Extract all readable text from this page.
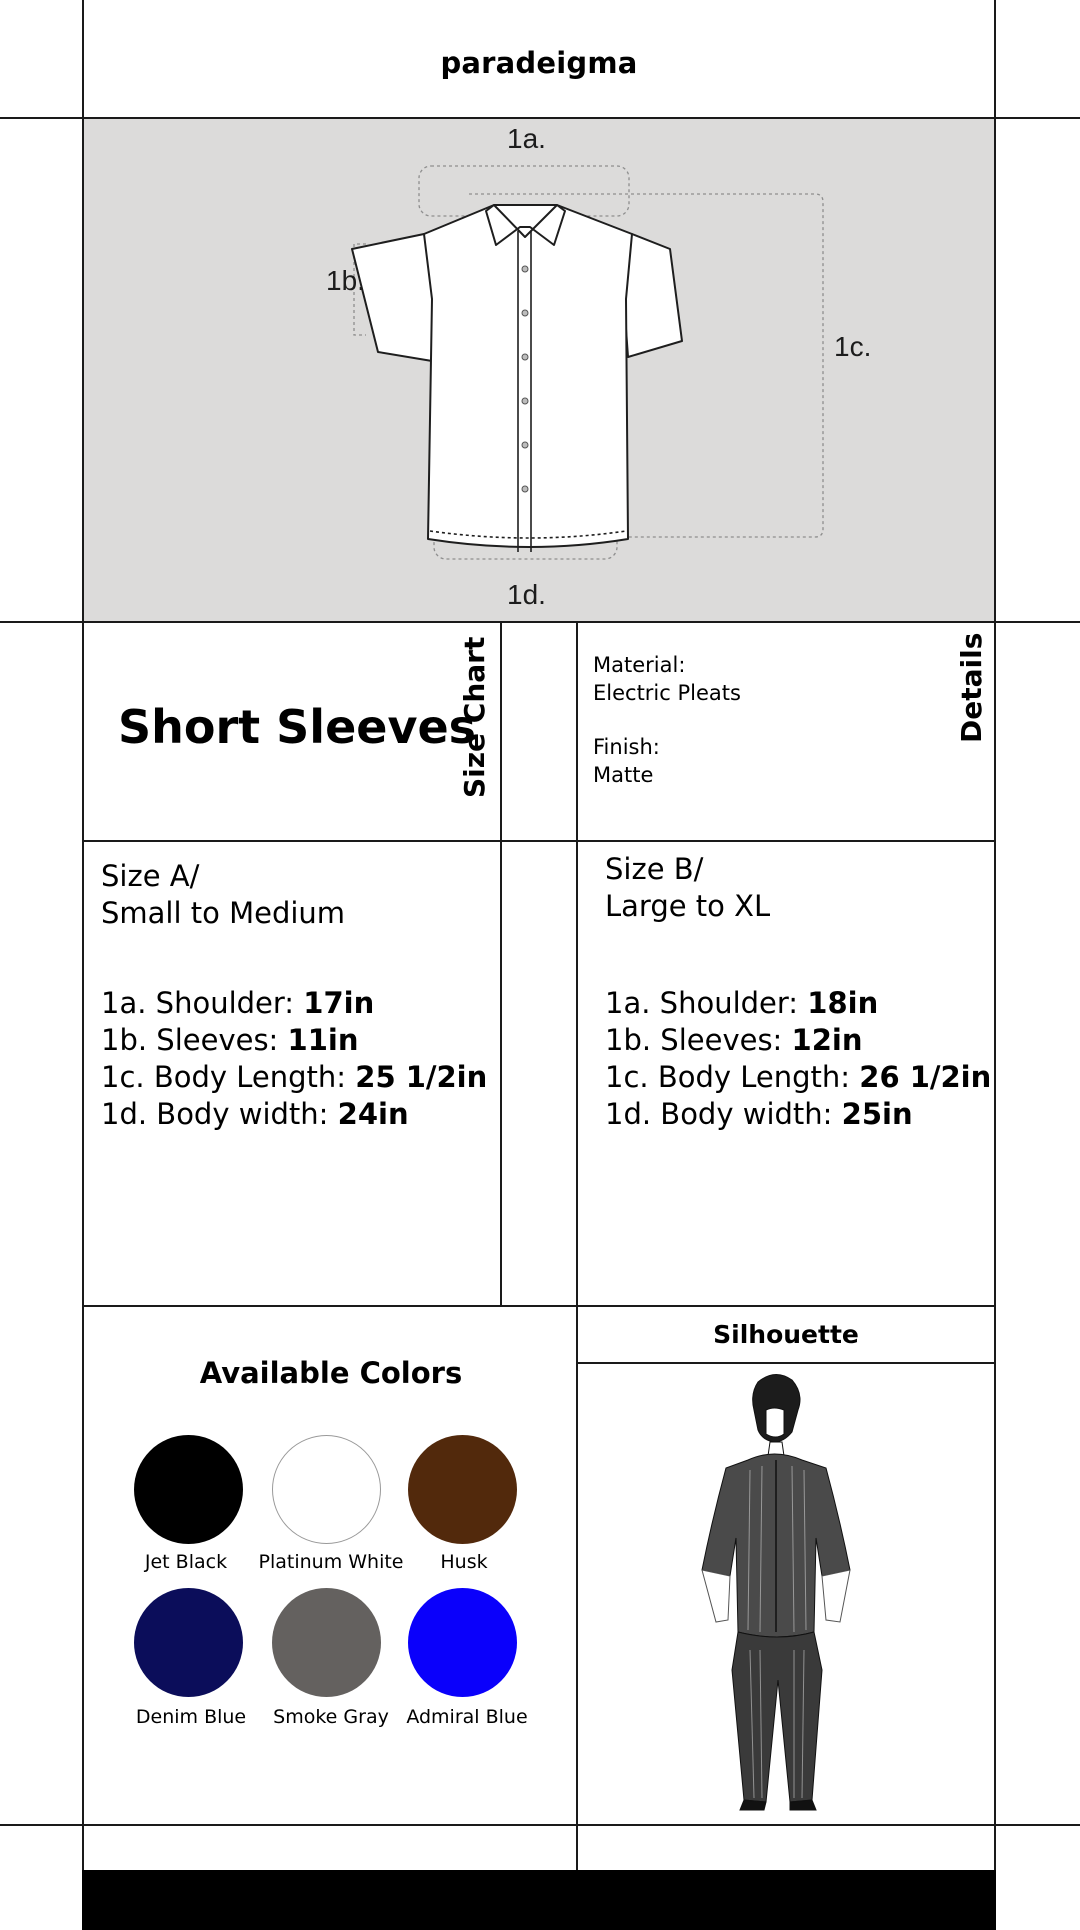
paradeigma
1a.
1b.
1c.
1d.
Short Sleeves
Size Chart	Material:
Electric Pleats
Finish:
Matte
Details
Size A/
Small to Medium
1a. Shoulder: 17in
1b. Sleeves: 11in
1c. Body Length: 25 1/2in
1d. Body width: 24in
Size B/
Large to XL
1a. Shoulder: 18in
1b. Sleeves: 12in
1c. Body Length: 26 1/2in
1d. Body width: 25in
Available Colors
Jet Black	Platinum White	Husk
Denim Blue	Smoke Gray Admiral Blue
Silhouette
